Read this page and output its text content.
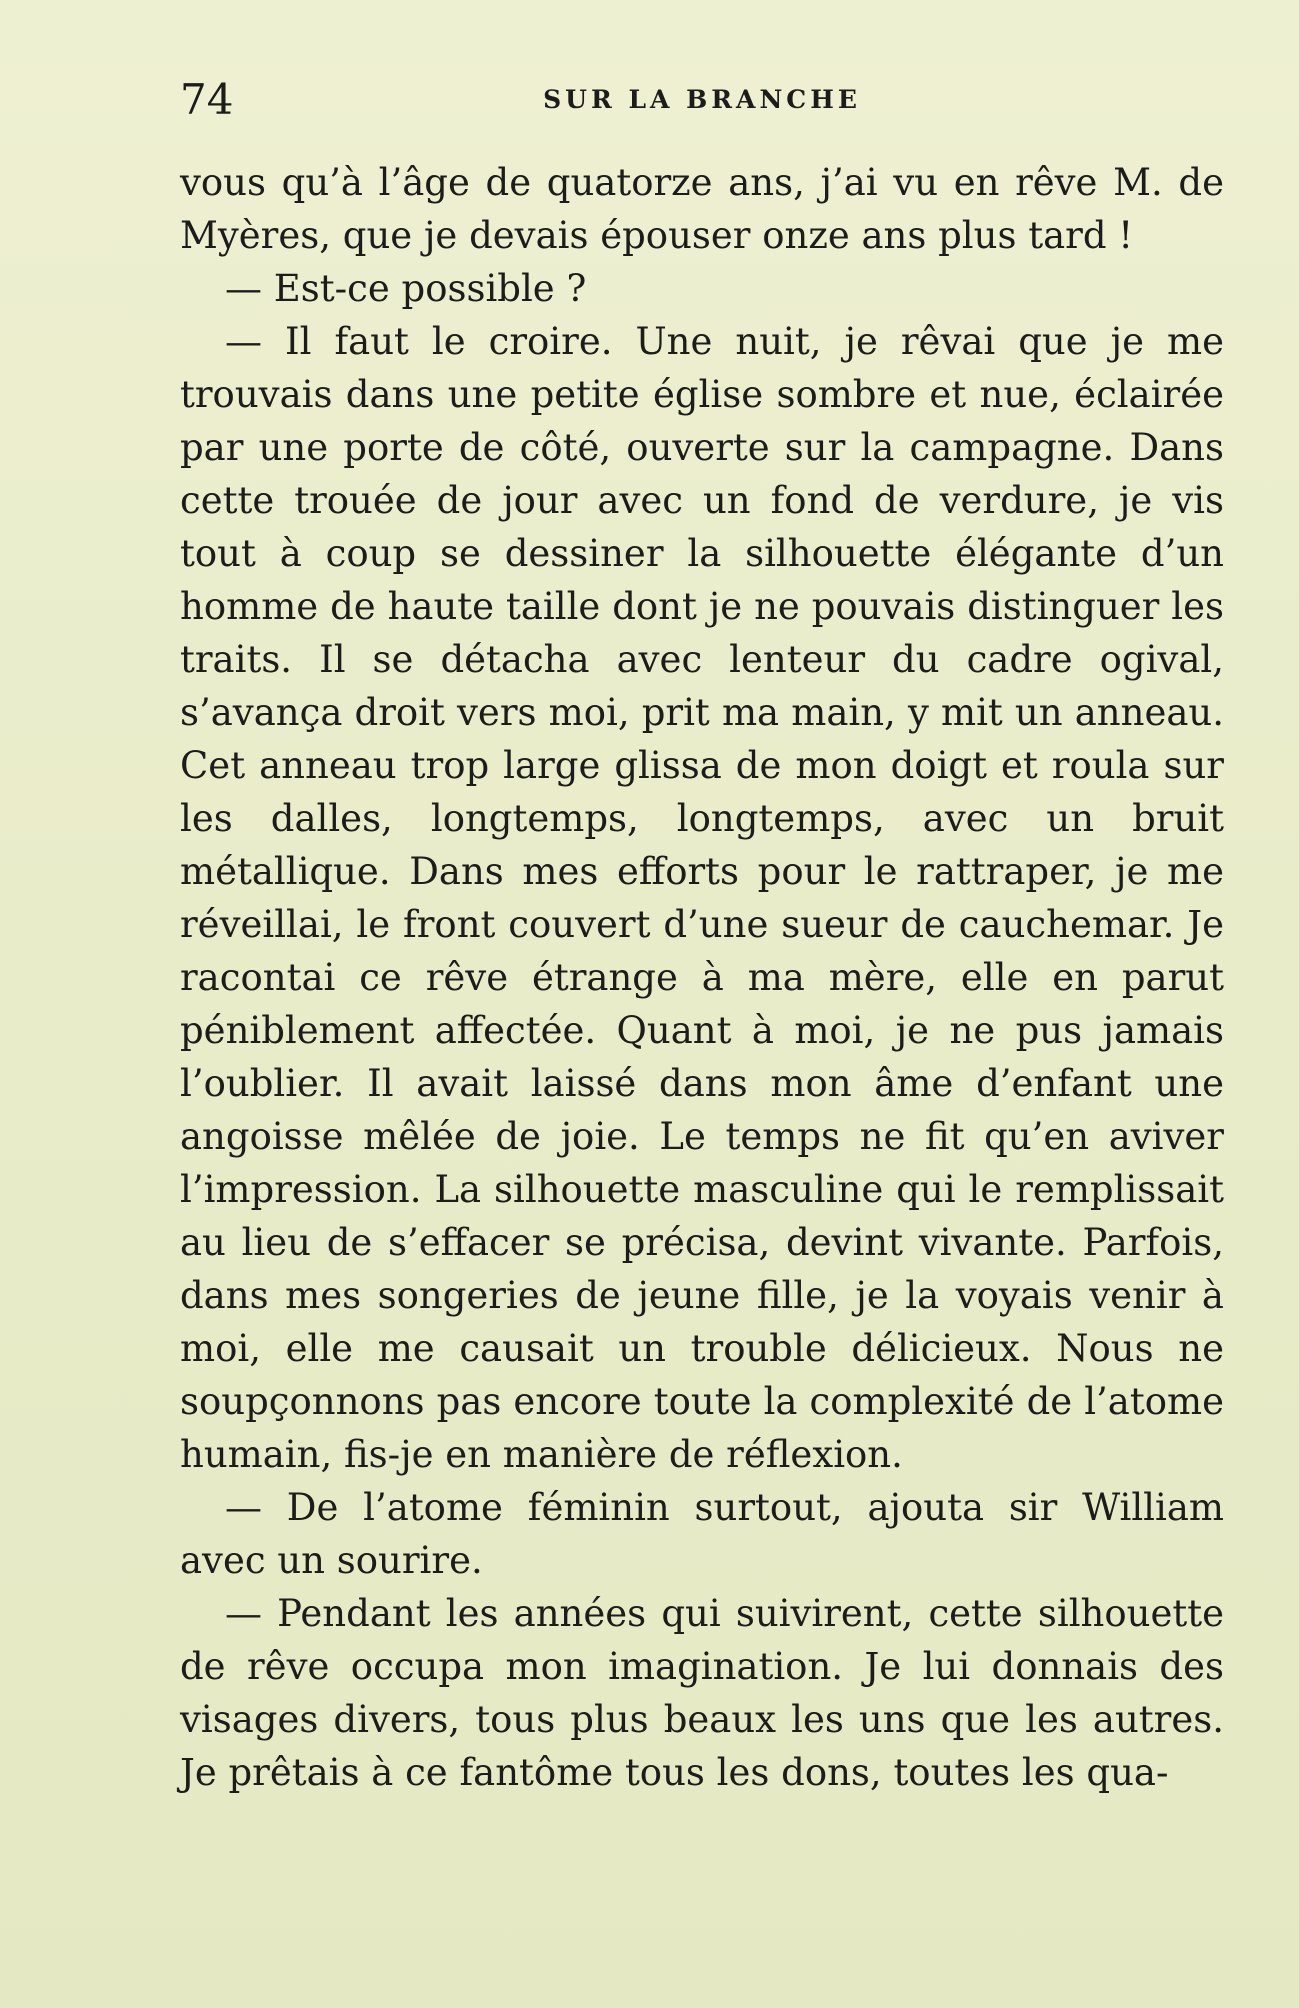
74	SUR LA BRANCHE

vous qu’à l’âge de quatorze ans, j’ai vu en rêve M. de Myères, que je devais épouser onze ans plus tard !

— Est-ce possible ?

— Il faut le croire. Une nuit, je rêvai que je me trouvais dans une petite église sombre et nue, éclairée par une porte de côté, ouverte sur la campagne. Dans cette trouée de jour avec un fond de verdure, je vis tout à coup se dessiner la silhouette élégante d’un homme de haute taille dont je ne pouvais distinguer les traits. Il se détacha avec lenteur du cadre ogival, s’avança droit vers moi, prit ma main, y mit un anneau. Cet anneau trop large glissa de mon doigt et roula sur les dalles, longtemps, longtemps, avec un bruit métallique. Dans mes efforts pour le rattraper, je me réveillai, le front couvert d’une sueur de cauchemar. Je racontai ce rêve étrange à ma mère, elle en parut péniblement affectée. Quant à moi, je ne pus jamais l’oublier. Il avait laissé dans mon âme d’enfant une angoisse mêlée de joie. Le temps ne fit qu’en aviver l’impression. La silhouette masculine qui le remplissait au lieu de s’effacer se précisa, devint vivante. Parfois, dans mes songeries de jeune fille, je la voyais venir à moi, elle me causait un trouble délicieux. Nous ne soupçonnons pas encore toute la complexité de l’atome humain, fis-je en manière de réflexion.

— De l’atome féminin surtout, ajouta sir William avec un sourire.

— Pendant les années qui suivirent, cette silhouette de rêve occupa mon imagination. Je lui donnais des visages divers, tous plus beaux les uns que les autres. Je prêtais à ce fantôme tous les dons, toutes les qua-
